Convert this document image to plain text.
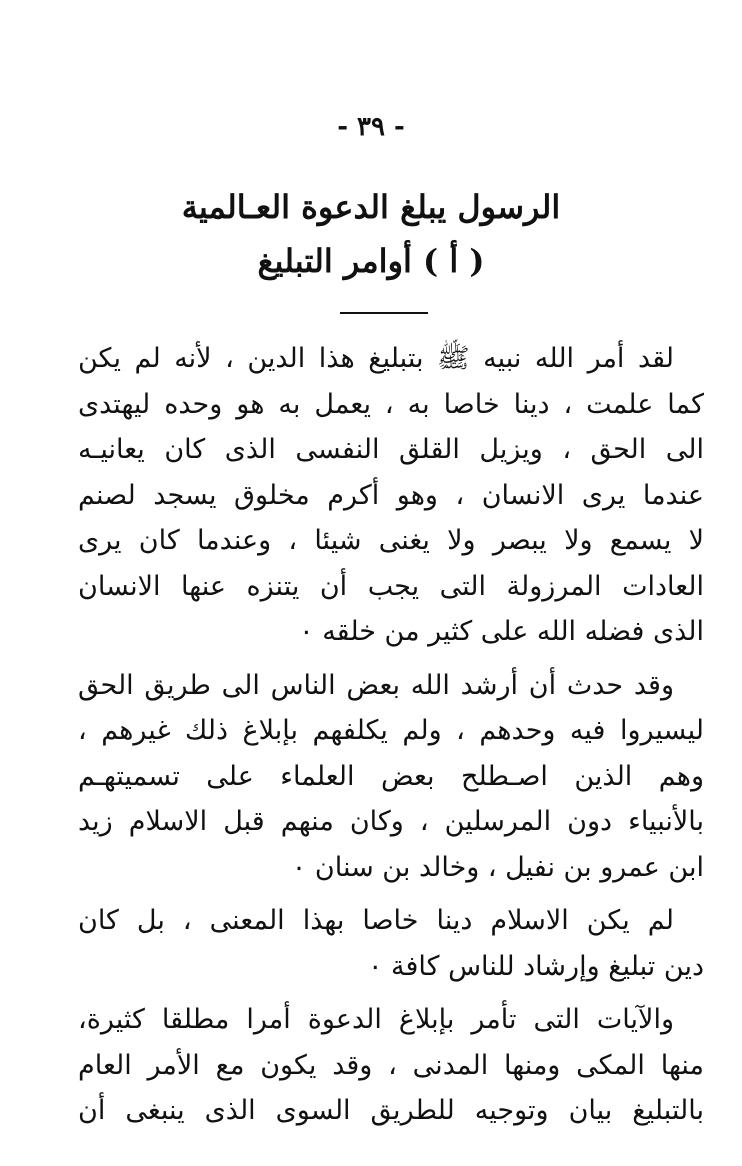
- ٣٩ -
الرسول يبلغ الدعوة العـالمية
( أ ) أوامر التبليغ
لقد أمر الله نبيه ﷺ بتبليغ هذا الدين ، لأنه لم يكن
كما علمت ، دينا خاصا به ، يعمل به هو وحده ليهتدى
الى الحق ، ويزيل القلق النفسى الذى كان يعانيـه
عندما يرى الانسان ، وهو أكرم مخلوق يسجد لصنم
لا يسمع ولا يبصر ولا يغنى شيئا ، وعندما كان يرى
العادات المرزولة التى يجب أن يتنزه عنها الانسان
الذى فضله الله على كثير من خلقه ٠
وقد حدث أن أرشد الله بعض الناس الى طريق الحق
ليسيروا فيه وحدهم ، ولم يكلفهم بإبلاغ ذلك غيرهم ،
وهم الذين اصـطلح بعض العلماء على تسميتهـم
بالأنبياء دون المرسلين ، وكان منهم قبل الاسلام زيد
ابن عمرو بن نفيل ، وخالد بن سنان ٠
لم يكن الاسلام دينا خاصا بهذا المعنى ، بل كان
دين تبليغ وإرشاد للناس كافة ٠
والآيات التى تأمر بإبلاغ الدعوة أمرا مطلقا كثيرة،
منها المكى ومنها المدنى ، وقد يكون مع الأمر العام
بالتبليغ بيان وتوجيه للطريق السوى الذى ينبغى أن
